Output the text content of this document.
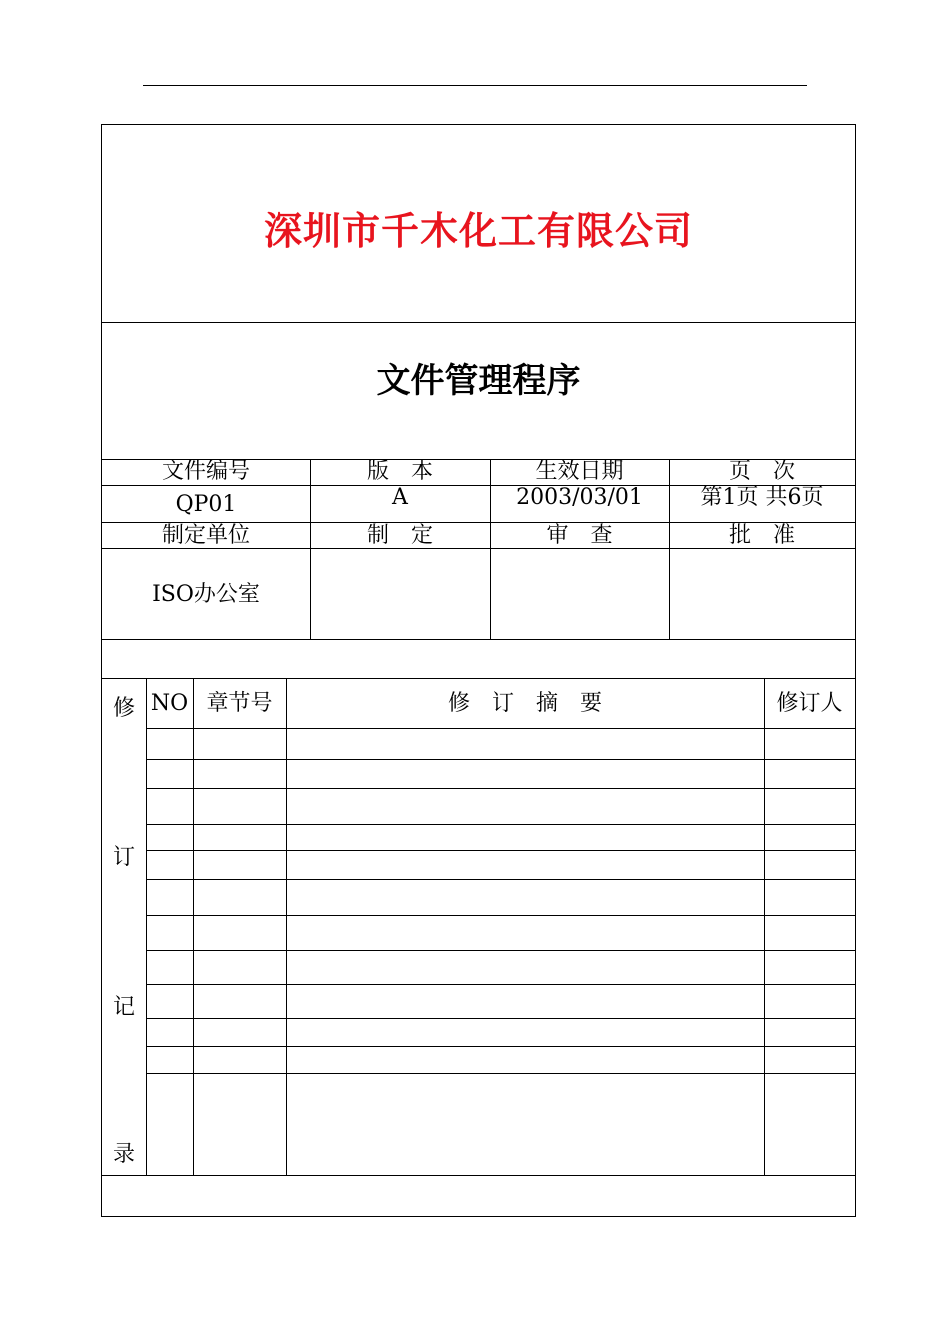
深圳市千木化工有限公司
文件管理程序
文件编号	版　本	生效日期	页　次
QP01	A	2003/03/01	第1页 共6页
制定单位	制　定	审　查	批　准
ISO办公室
NO 章节号	修　订　摘　要	修订人
修
订
记
录
